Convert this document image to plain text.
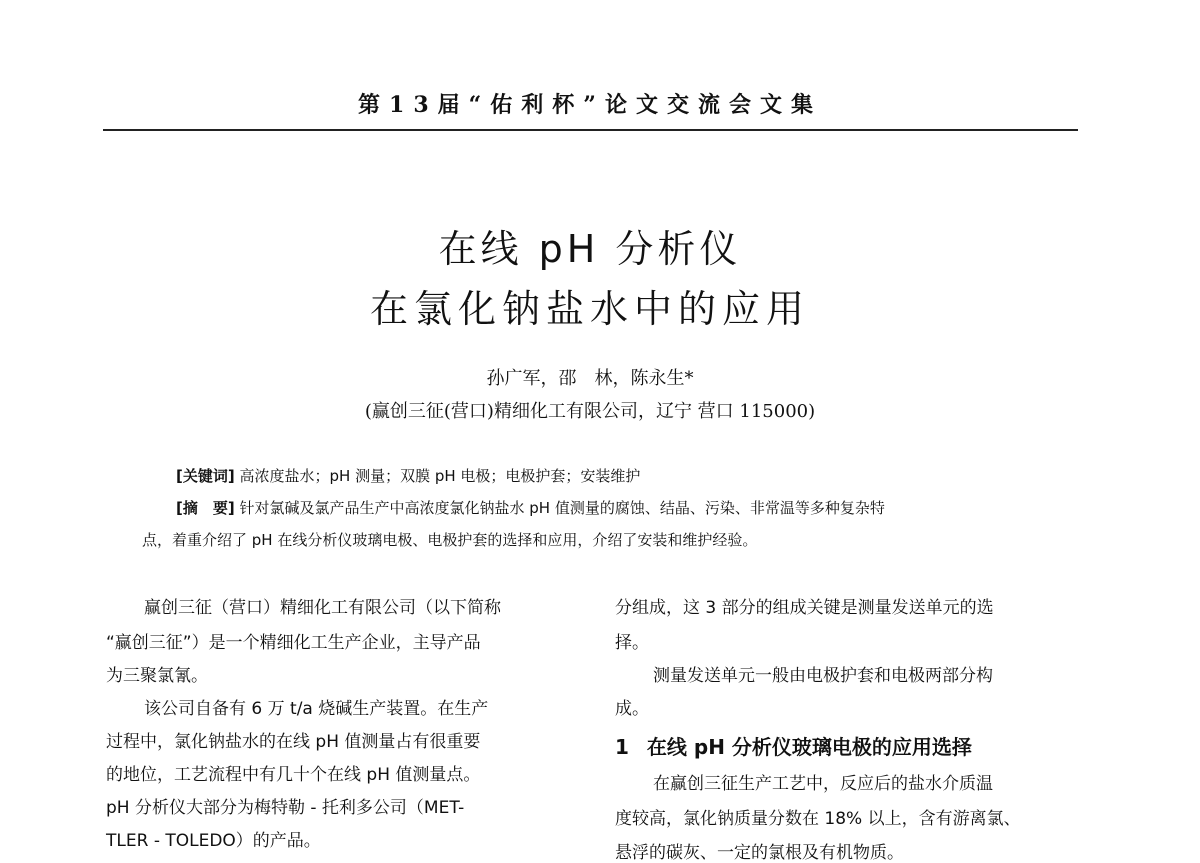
第13届“佑利杯”论文交流会文集
在线 pH 分析仪
在氯化钠盐水中的应用
孙广军，邵　林，陈永生*
(赢创三征(营口)精细化工有限公司，辽宁 营口 115000)
[关键词] 高浓度盐水；pH 测量；双膜 pH 电极；电极护套；安装维护
[摘　要] 针对氯碱及氯产品生产中高浓度氯化钠盐水 pH 值测量的腐蚀、结晶、污染、非常温等多种复杂特
点，着重介绍了 pH 在线分析仪玻璃电极、电极护套的选择和应用，介绍了安装和维护经验。
赢创三征（营口）精细化工有限公司（以下简称
“赢创三征”）是一个精细化工生产企业，主导产品
为三聚氯氰。
该公司自备有 6 万 t/a 烧碱生产装置。在生产
过程中，氯化钠盐水的在线 pH 值测量占有很重要
的地位，工艺流程中有几十个在线 pH 值测量点。
pH 分析仪大部分为梅特勒 - 托利多公司（MET-
TLER - TOLEDO）的产品。
分组成，这 3 部分的组成关键是测量发送单元的选
择。
测量发送单元一般由电极护套和电极两部分构
成。
1 在线 pH 分析仪玻璃电极的应用选择
在赢创三征生产工艺中，反应后的盐水介质温
度较高，氯化钠质量分数在 18% 以上，含有游离氯、
悬浮的碳灰、一定的氯根及有机物质。
